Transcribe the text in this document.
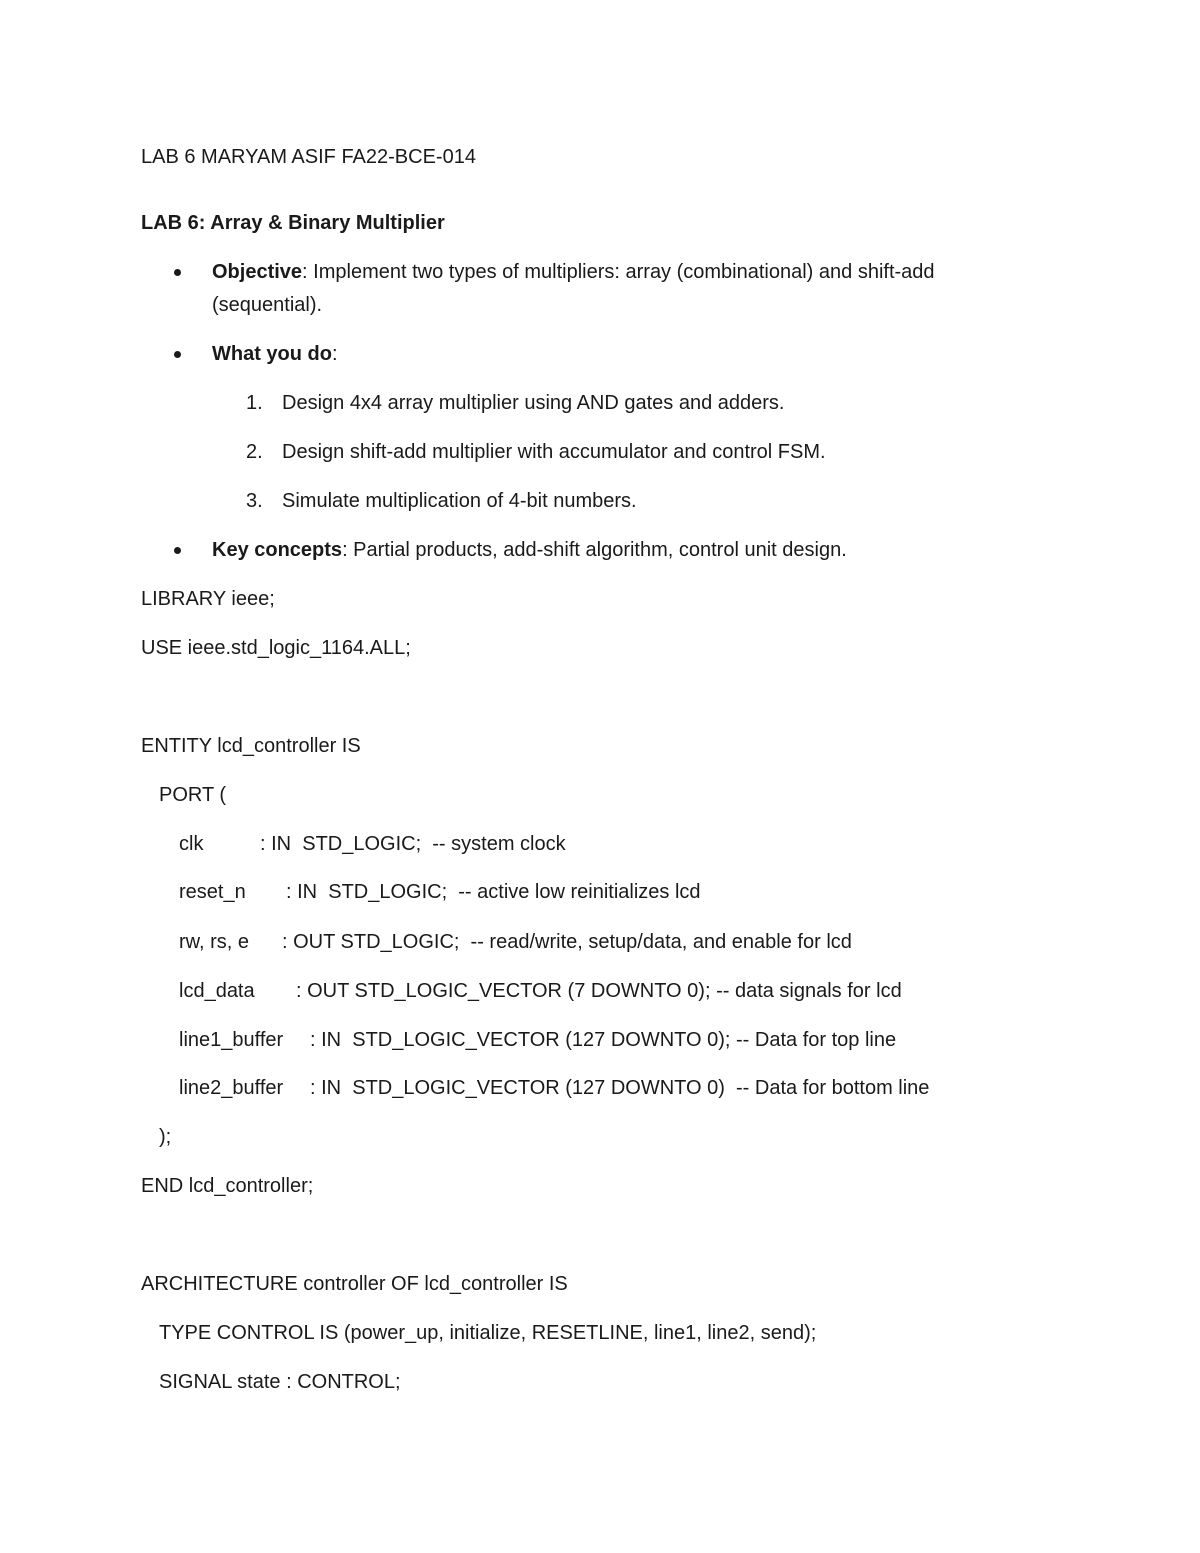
LAB 6 MARYAM ASIF FA22-BCE-014

LAB 6: Array & Binary Multiplier

Objective: Implement two types of multipliers: array (combinational) and shift-add

(sequential).

What you do:

1. Design 4x4 array multiplier using AND gates and adders.

2. Design shift-add multiplier with accumulator and control FSM.

3. Simulate multiplication of 4-bit numbers.

Key concepts: Partial products, add-shift algorithm, control unit design.

LIBRARY ieee;

USE ieee.std_logic_1164.ALL;

ENTITY lcd_controller IS

PORT (

clk	: IN  STD_LOGIC;  -- system clock

reset_n : IN  STD_LOGIC;  -- active low reinitializes lcd

rw, rs, e : OUT STD_LOGIC;  -- read/write, setup/data, and enable for lcd

lcd_data : OUT STD_LOGIC_VECTOR (7 DOWNTO 0); -- data signals for lcd

line1_buffer : IN  STD_LOGIC_VECTOR (127 DOWNTO 0); -- Data for top line

line2_buffer : IN  STD_LOGIC_VECTOR (127 DOWNTO 0)  -- Data for bottom line

);

END lcd_controller;

ARCHITECTURE controller OF lcd_controller IS

TYPE CONTROL IS (power_up, initialize, RESETLINE, line1, line2, send);

SIGNAL state : CONTROL;
